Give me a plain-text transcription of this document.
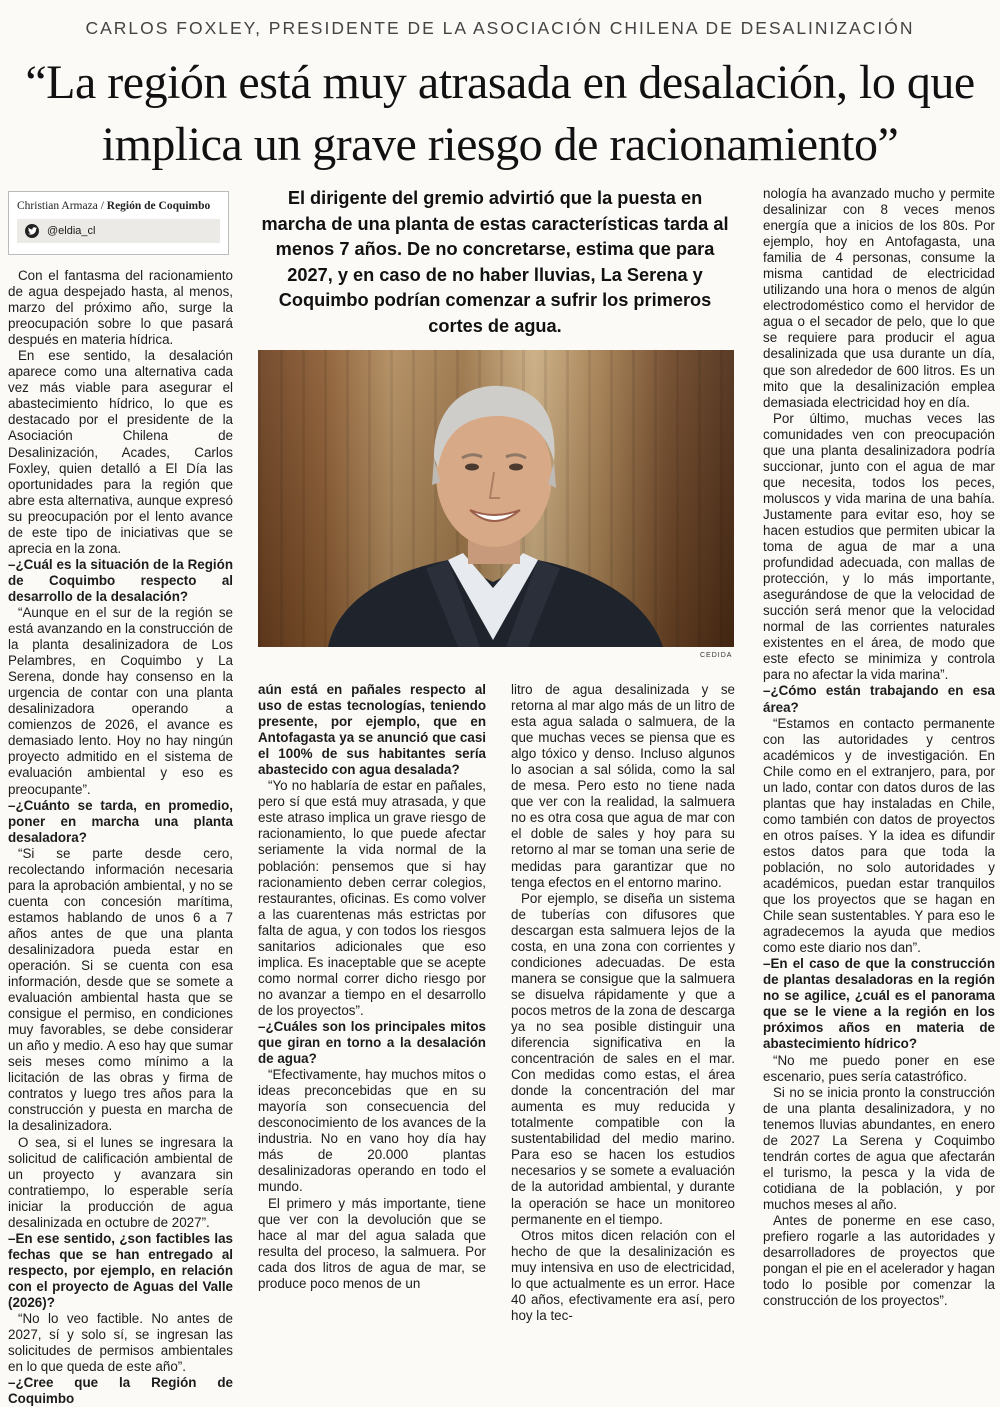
CARLOS FOXLEY, PRESIDENTE DE LA ASOCIACIÓN CHILENA DE DESALINIZACIÓN
“La región está muy atrasada en desalación, lo que implica un grave riesgo de racionamiento”
Christian Armaza / Región de Coquimbo
@eldia_cl
El dirigente del gremio advirtió que la puesta en marcha de una planta de estas características tarda al menos 7 años. De no concretarse, estima que para 2027, y en caso de no haber lluvias, La Serena y Coquimbo podrían comenzar a sufrir los primeros cortes de agua.
CEDIDA

Con el fantasma del racionamiento de agua despejado hasta, al menos, marzo del próximo año, surge la preocupación sobre lo que pasará después en materia hídrica.

En ese sentido, la desalación aparece como una alternativa cada vez más viable para asegurar el abastecimiento hídrico, lo que es destacado por el presidente de la Asociación Chilena de Desalinización, Acades, Carlos Foxley, quien detalló a El Día las oportunidades para la región que abre esta alternativa, aunque expresó su preocupación por el lento avance de este tipo de iniciativas que se aprecia en la zona.

–¿Cuál es la situación de la Región de Coquimbo respecto al desarrollo de la desalación?

“Aunque en el sur de la región se está avanzando en la construcción de la planta desalinizadora de Los Pelambres, en Coquimbo y La Serena, donde hay consenso en la urgencia de contar con una planta desalinizadora operando a comienzos de 2026, el avance es demasiado lento. Hoy no hay ningún proyecto admitido en el sistema de evaluación ambiental y eso es preocupante”.

–¿Cuánto se tarda, en promedio, poner en marcha una planta desaladora?

“Si se parte desde cero, recolectando información necesaria para la aprobación ambiental, y no se cuenta con concesión marítima, estamos hablando de unos 6 a 7 años antes de que una planta desalinizadora pueda estar en operación. Si se cuenta con esa información, desde que se somete a evaluación ambiental hasta que se consigue el permiso, en condiciones muy favorables, se debe considerar un año y medio. A eso hay que sumar seis meses como mínimo a la licitación de las obras y firma de contratos y luego tres años para la construcción y puesta en marcha de la desalinizadora.

O sea, si el lunes se ingresara la solicitud de calificación ambiental de un proyecto y avanzara sin contratiempo, lo esperable sería iniciar la producción de agua desalinizada en octubre de 2027”.

–En ese sentido, ¿son factibles las fechas que se han entregado al respecto, por ejemplo, en relación con el proyecto de Aguas del Valle (2026)?

“No lo veo factible. No antes de 2027, sí y solo sí, se ingresan las solicitudes de permisos ambientales en lo que queda de este año”.

–¿Cree que la Región de Coquimbo

aún está en pañales respecto al uso de estas tecnologías, teniendo presente, por ejemplo, que en Antofagasta ya se anunció que casi el 100% de sus habitantes sería abastecido con agua desalada?

“Yo no hablaría de estar en pañales, pero sí que está muy atrasada, y que este atraso implica un grave riesgo de racionamiento, lo que puede afectar seriamente la vida normal de la población: pensemos que si hay racionamiento deben cerrar colegios, restaurantes, oficinas. Es como volver a las cuarentenas más estrictas por falta de agua, y con todos los riesgos sanitarios adicionales que eso implica. Es inaceptable que se acepte como normal correr dicho riesgo por no avanzar a tiempo en el desarrollo de los proyectos”.

–¿Cuáles son los principales mitos que giran en torno a la desalación de agua?

“Efectivamente, hay muchos mitos o ideas preconcebidas que en su mayoría son consecuencia del desconocimiento de los avances de la industria. No en vano hoy día hay más de 20.000 plantas desalinizadoras operando en todo el mundo.

El primero y más importante, tiene que ver con la devolución que se hace al mar del agua salada que resulta del proceso, la salmuera. Por cada dos litros de agua de mar, se produce poco menos de un

litro de agua desalinizada y se retorna al mar algo más de un litro de esta agua salada o salmuera, de la que muchas veces se piensa que es algo tóxico y denso. Incluso algunos lo asocian a sal sólida, como la sal de mesa. Pero esto no tiene nada que ver con la realidad, la salmuera no es otra cosa que agua de mar con el doble de sales y hoy para su retorno al mar se toman una serie de medidas para garantizar que no tenga efectos en el entorno marino.

Por ejemplo, se diseña un sistema de tuberías con difusores que descargan esta salmuera lejos de la costa, en una zona con corrientes y condiciones adecuadas. De esta manera se consigue que la salmuera se disuelva rápidamente y que a pocos metros de la zona de descarga ya no sea posible distinguir una diferencia significativa en la concentración de sales en el mar. Con medidas como estas, el área donde la concentración del mar aumenta es muy reducida y totalmente compatible con la sustentabilidad del medio marino. Para eso se hacen los estudios necesarios y se somete a evaluación de la autoridad ambiental, y durante la operación se hace un monitoreo permanente en el tiempo.

Otros mitos dicen relación con el hecho de que la desalinización es muy intensiva en uso de electricidad, lo que actualmente es un error. Hace 40 años, efectivamente era así, pero hoy la tec-

nología ha avanzado mucho y permite desalinizar con 8 veces menos energía que a inicios de los 80s. Por ejemplo, hoy en Antofagasta, una familia de 4 personas, consume la misma cantidad de electricidad utilizando una hora o menos de algún electrodoméstico como el hervidor de agua o el secador de pelo, que lo que se requiere para producir el agua desalinizada que usa durante un día, que son alrededor de 600 litros. Es un mito que la desalinización emplea demasiada electricidad hoy en día.

Por último, muchas veces las comunidades ven con preocupación que una planta desalinizadora podría succionar, junto con el agua de mar que necesita, todos los peces, moluscos y vida marina de una bahía. Justamente para evitar eso, hoy se hacen estudios que permiten ubicar la toma de agua de mar a una profundidad adecuada, con mallas de protección, y lo más importante, asegurándose de que la velocidad de succión será menor que la velocidad normal de las corrientes naturales existentes en el área, de modo que este efecto se minimiza y controla para no afectar la vida marina”.

–¿Cómo están trabajando en esa área?

“Estamos en contacto permanente con las autoridades y centros académicos y de investigación. En Chile como en el extranjero, para, por un lado, contar con datos duros de las plantas que hay instaladas en Chile, como también con datos de proyectos en otros países. Y la idea es difundir estos datos para que toda la población, no solo autoridades y académicos, puedan estar tranquilos que los proyectos que se hagan en Chile sean sustentables. Y para eso le agradecemos la ayuda que medios como este diario nos dan”.

–En el caso de que la construcción de plantas desaladoras en la región no se agilice, ¿cuál es el panorama que se le viene a la región en los próximos años en materia de abastecimiento hídrico?

“No me puedo poner en ese escenario, pues sería catastrófico.

Si no se inicia pronto la construcción de una planta desalinizadora, y no tenemos lluvias abundantes, en enero de 2027 La Serena y Coquimbo tendrán cortes de agua que afectarán el turismo, la pesca y la vida de cotidiana de la población, y por muchos meses al año.

Antes de ponerme en ese caso, prefiero rogarle a las autoridades y desarrolladores de proyectos que pongan el pie en el acelerador y hagan todo lo posible por comenzar la construcción de los proyectos”.
